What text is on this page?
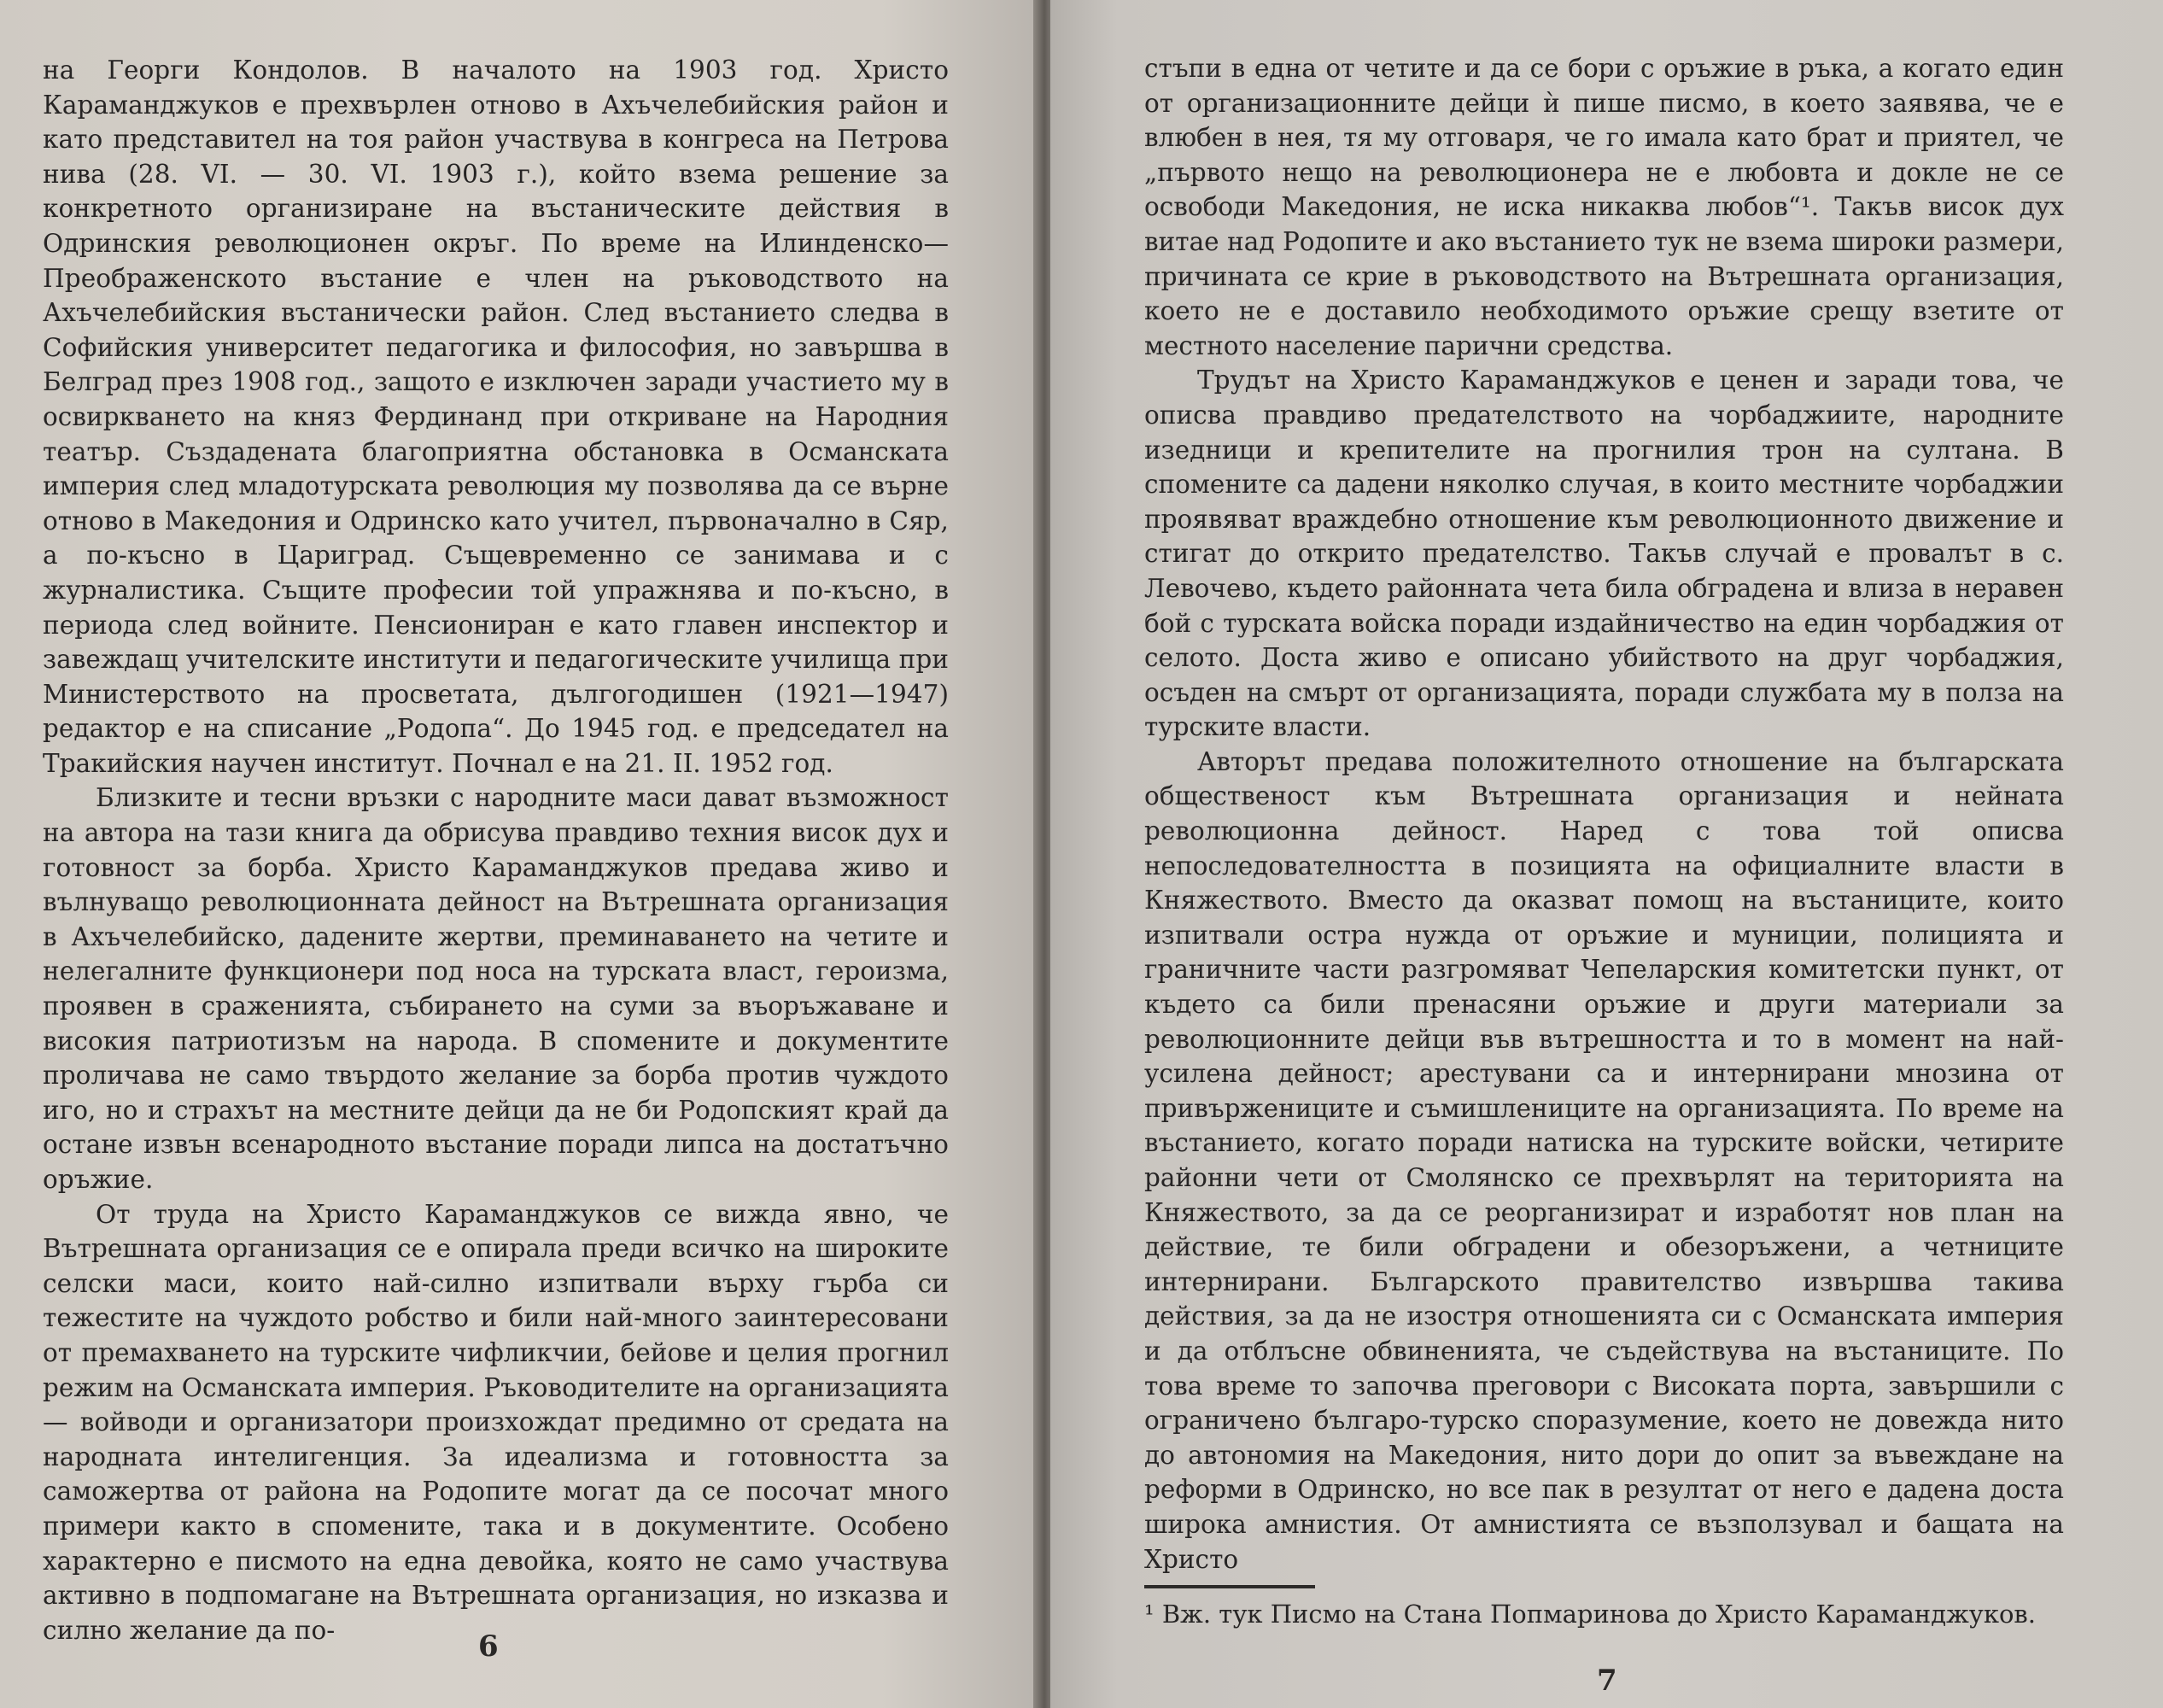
на Георги Кондолов. В началото на 1903 год. Христо Караманджуков е прехвърлен отново в Ахъчелебийския район и като представител на тоя район участвува в конгреса на Петрова нива (28. VI. — 30. VI. 1903 г.), който взема решение за конкретното организиране на въстаническите действия в Одринския революционен окръг. По време на Илинденско—Преображенското въстание е член на ръководството на Ахъчелебийския въстанически район. След въстанието следва в Софийския университет педагогика и философия, но завършва в Белград през 1908 год., защото е изключен заради участието му в освиркването на княз Фердинанд при откриване на Народния театър. Създадената благоприятна обстановка в Османската империя след младотурската революция му позволява да се върне отново в Македония и Одринско като учител, първоначално в Сяр, а по-късно в Цариград. Същевременно се занимава и с журналистика. Същите професии той упражнява и по-късно, в периода след войните. Пенсиониран е като главен инспектор и завеждащ учителските институти и педагогическите училища при Министерството на просветата, дългогодишен (1921—1947) редактор е на списание „Родопа“. До 1945 год. е председател на Тракийския научен институт. Почнал е на 21. II. 1952 год.

Близките и тесни връзки с народните маси дават възможност на автора на тази книга да обрисува правдиво техния висок дух и готовност за борба. Христо Караманджуков предава живо и вълнуващо революционната дейност на Вътрешната организация в Ахъчелебийско, дадените жертви, преминаването на четите и нелегалните функционери под носа на турската власт, героизма, проявен в сраженията, събирането на суми за въоръжаване и високия патриотизъм на народа. В спомените и документите проличава не само твърдото желание за борба против чуждото иго, но и страхът на местните дейци да не би Родопският край да остане извън всенародното въстание поради липса на достатъчно оръжие.

От труда на Христо Караманджуков се вижда явно, че Вътрешната организация се е опирала преди всичко на широките селски маси, които най-силно изпитвали върху гърба си тежестите на чуждото робство и били най-много заинтересовани от премахването на турските чифликчии, бейове и целия прогнил режим на Османската империя. Ръководителите на организацията — войводи и организатори произхождат предимно от средата на народната интелигенция. За идеализма и готовността за саможертва от района на Родопите могат да се посочат много примери както в спомените, така и в документите. Особено характерно е писмото на една девойка, която не само участвува активно в подпомагане на Вътрешната организация, но изказва и силно желание да по-	6

стъпи в една от четите и да се бори с оръжие в ръка, а когато един от организационните дейци ѝ пише писмо, в което заявява, че е влюбен в нея, тя му отговаря, че го имала като брат и приятел, че „първото нещо на революционера не е любовта и докле не се освободи Македония, не иска никаква любов“¹. Такъв висок дух витае над Родопите и ако въстанието тук не взема широки размери, причината се крие в ръководството на Вътрешната организация, което не е доставило необходимото оръжие срещу взетите от местното население парични средства.

Трудът на Христо Караманджуков е ценен и заради това, че описва правдиво предателството на чорбаджиите, народните изедници и крепителите на прогнилия трон на султана. В спомените са дадени няколко случая, в които местните чорбаджии проявяват враждебно отношение към революционното движение и стигат до открито предателство. Такъв случай е провалът в с. Левочево, където районната чета била обградена и влиза в неравен бой с турската войска поради издайничество на един чорбаджия от селото. Доста живо е описано убийството на друг чорбаджия, осъден на смърт от организацията, поради службата му в полза на турските власти.

Авторът предава положителното отношение на българската общественост към Вътрешната организация и нейната революционна дейност. Наред с това той описва непоследователността в позицията на официалните власти в Княжеството. Вместо да оказват помощ на въстаниците, които изпитвали остра нужда от оръжие и муниции, полицията и граничните части разгромяват Чепеларския комитетски пункт, от където са били пренасяни оръжие и други материали за революционните дейци във вътрешността и то в момент на най-усилена дейност; арестувани са и интернирани мнозина от привържениците и съмишлениците на организацията. По време на въстанието, когато поради натиска на турските войски, четирите районни чети от Смолянско се прехвърлят на територията на Княжеството, за да се реорганизират и изработят нов план на действие, те били обградени и обезоръжени, а четниците интернирани. Българското правителство извършва такива действия, за да не изостря отношенията си с Османската империя и да отблъсне обвиненията, че съдействува на въстаниците. По това време то започва преговори с Високата порта, завършили с ограничено българо-турско споразумение, което не довежда нито до автономия на Македония, нито дори до опит за въвеждане на реформи в Одринско, но все пак в резултат от него е дадена доста широка амнистия. От амнистията се възползувал и бащата на Христо

¹ Вж. тук Писмо на Стана Попмаринова до Христо Караманджуков.

7
